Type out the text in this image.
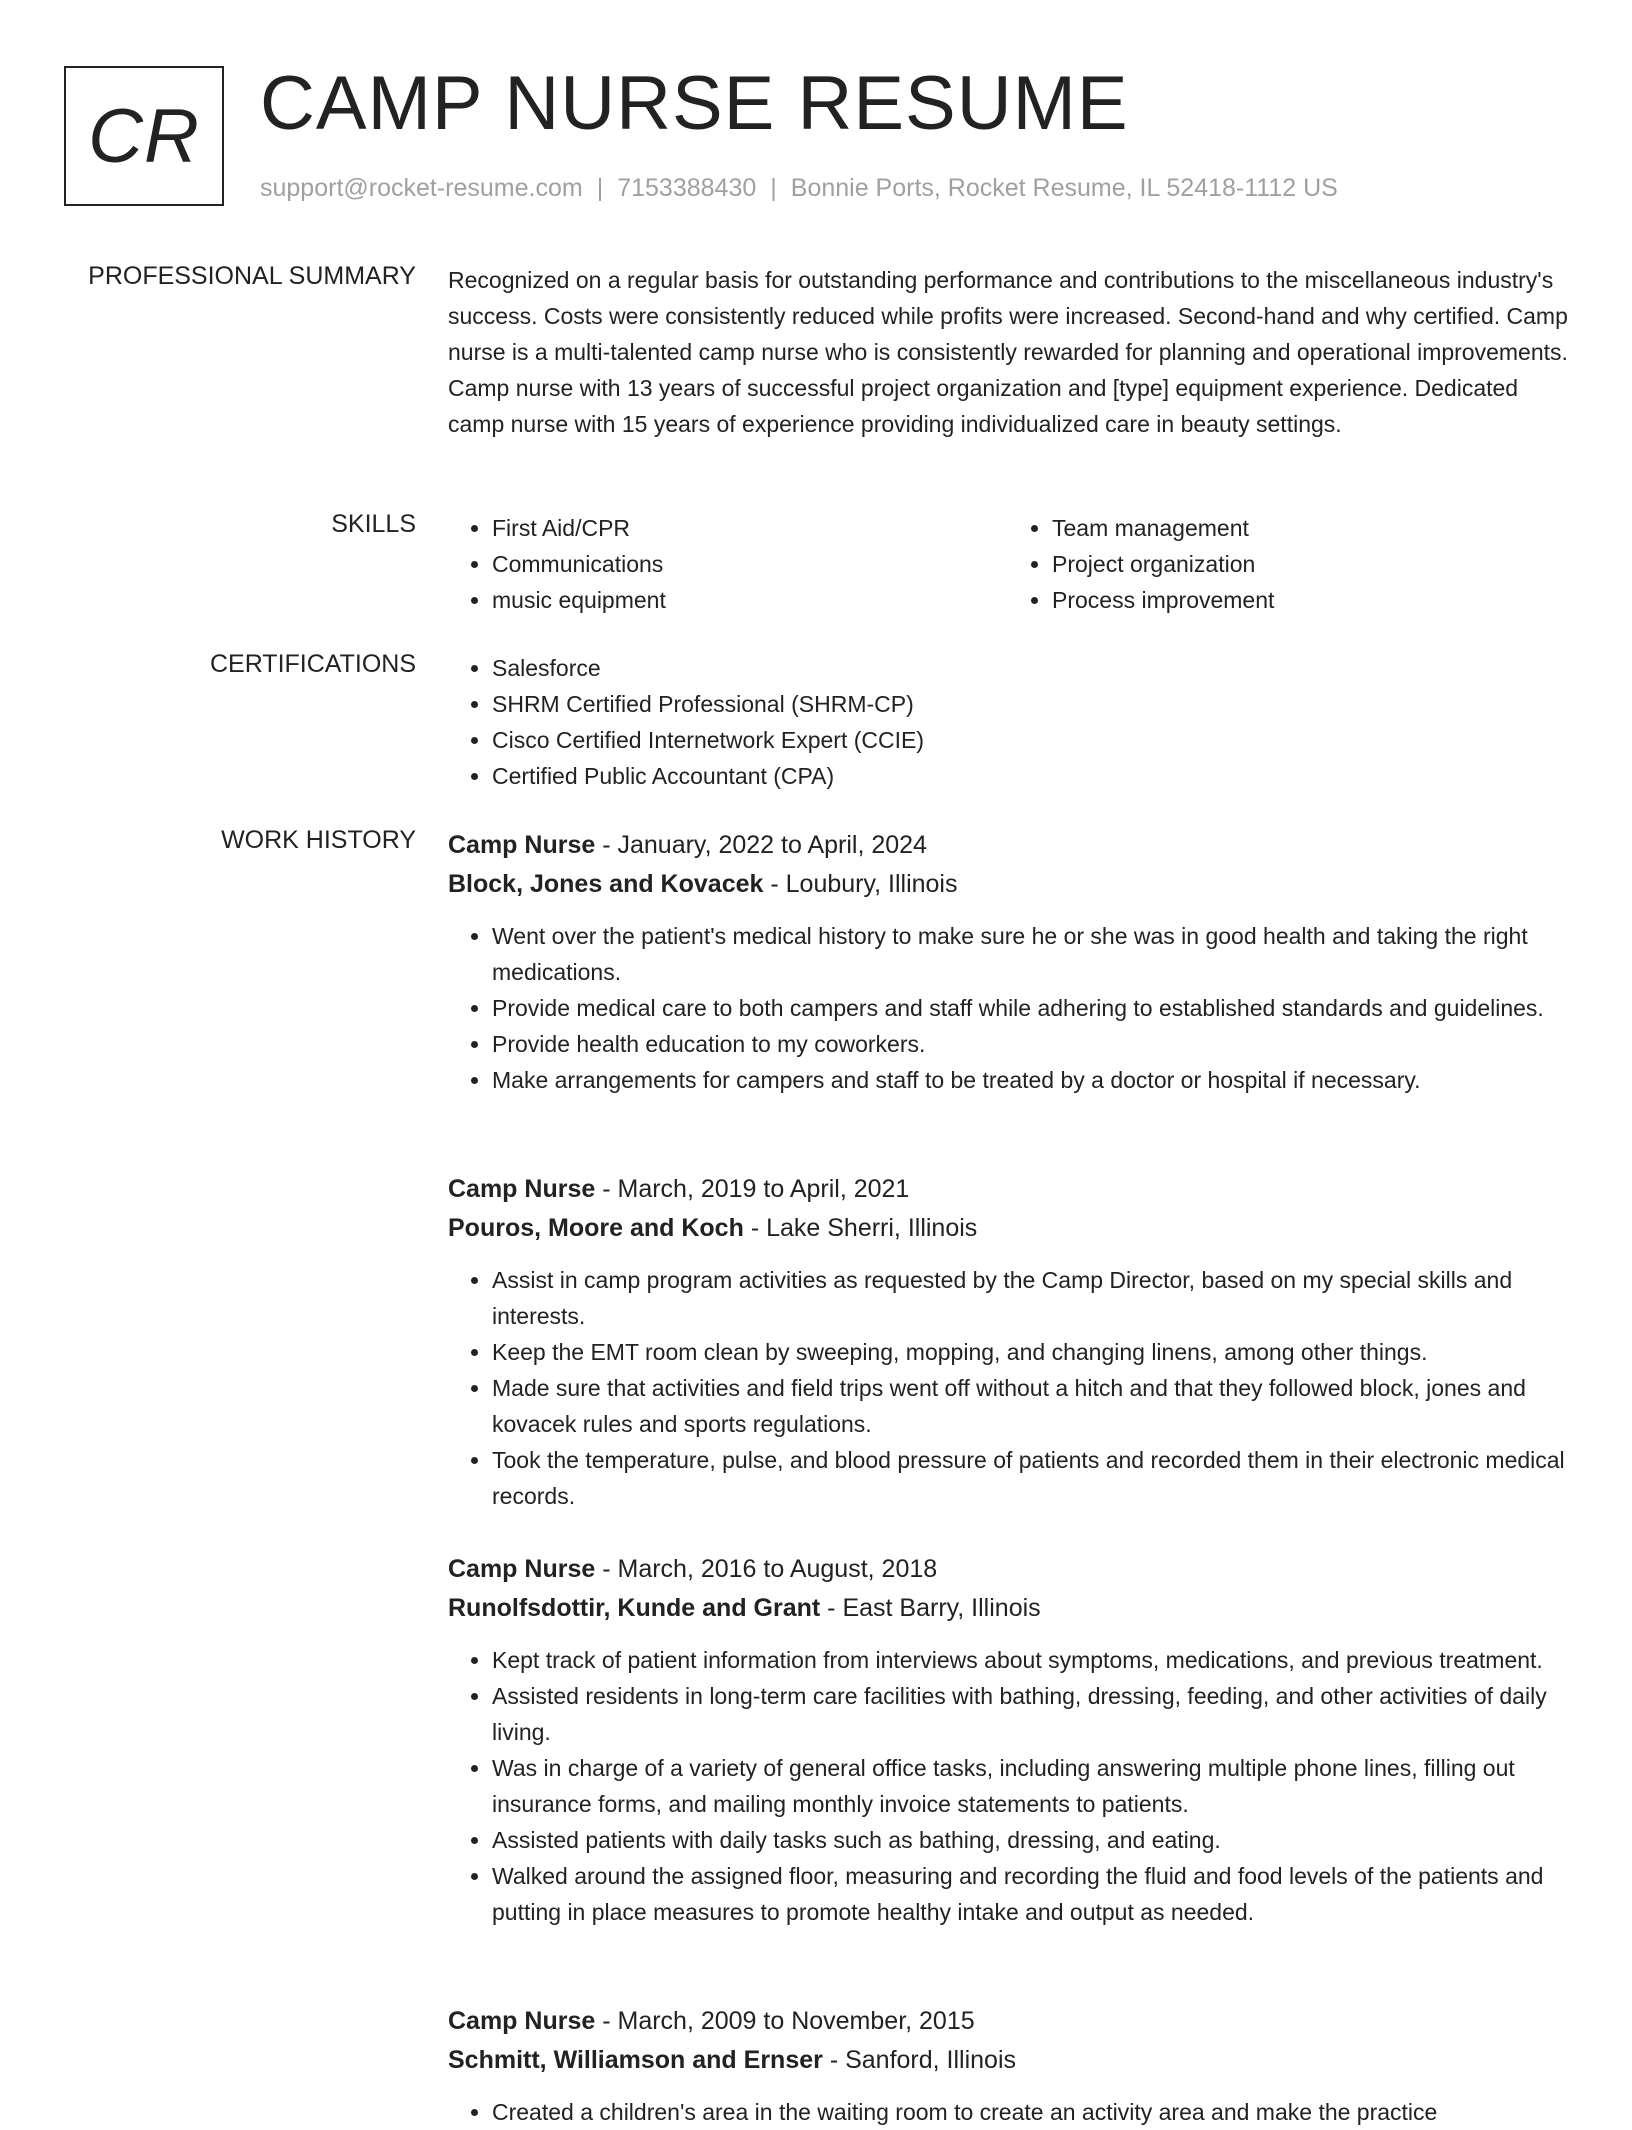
CR CAMP NURSE RESUME
support@rocket-resume.com | 7153388430 | Bonnie Ports, Rocket Resume, IL 52418-1112 US
PROFESSIONAL SUMMARY Recognized on a regular basis for outstanding performance and contributions to the miscellaneous industry's success. Costs were consistently reduced while profits were increased. Second-hand and why certified. Camp nurse is a multi-talented camp nurse who is consistently rewarded for planning and operational improvements. Camp nurse with 13 years of successful project organization and [type] equipment experience. Dedicated camp nurse with 15 years of experience providing individualized care in beauty settings.
SKILLS	• First Aid/CPR
• Communications
• music equipment
• Team management
• Project organization
• Process improvement
CERTIFICATIONS	• Salesforce
• SHRM Certified Professional (SHRM-CP)
• Cisco Certified Internetwork Expert (CCIE)
• Certified Public Accountant (CPA)
WORK HISTORY Camp Nurse - January, 2022 to April, 2024
Block, Jones and Kovacek - Loubury, Illinois
• Went over the patient's medical history to make sure he or she was in good health and taking the right medications.
• Provide medical care to both campers and staff while adhering to established standards and guidelines.
• Provide health education to my coworkers.
• Make arrangements for campers and staff to be treated by a doctor or hospital if necessary.
Camp Nurse - March, 2019 to April, 2021
Pouros, Moore and Koch - Lake Sherri, Illinois
• Assist in camp program activities as requested by the Camp Director, based on my special skills and interests.
• Keep the EMT room clean by sweeping, mopping, and changing linens, among other things.
• Made sure that activities and field trips went off without a hitch and that they followed block, jones and kovacek rules and sports regulations.
• Took the temperature, pulse, and blood pressure of patients and recorded them in their electronic medical records.
Camp Nurse - March, 2016 to August, 2018
Runolfsdottir, Kunde and Grant - East Barry, Illinois
• Kept track of patient information from interviews about symptoms, medications, and previous treatment.
• Assisted residents in long-term care facilities with bathing, dressing, feeding, and other activities of daily living.
• Was in charge of a variety of general office tasks, including answering multiple phone lines, filling out insurance forms, and mailing monthly invoice statements to patients.
• Assisted patients with daily tasks such as bathing, dressing, and eating.
• Walked around the assigned floor, measuring and recording the fluid and food levels of the patients and putting in place measures to promote healthy intake and output as needed.
Camp Nurse - March, 2009 to November, 2015
Schmitt, Williamson and Ernser - Sanford, Illinois
• Created a children's area in the waiting room to create an activity area and make the practice
